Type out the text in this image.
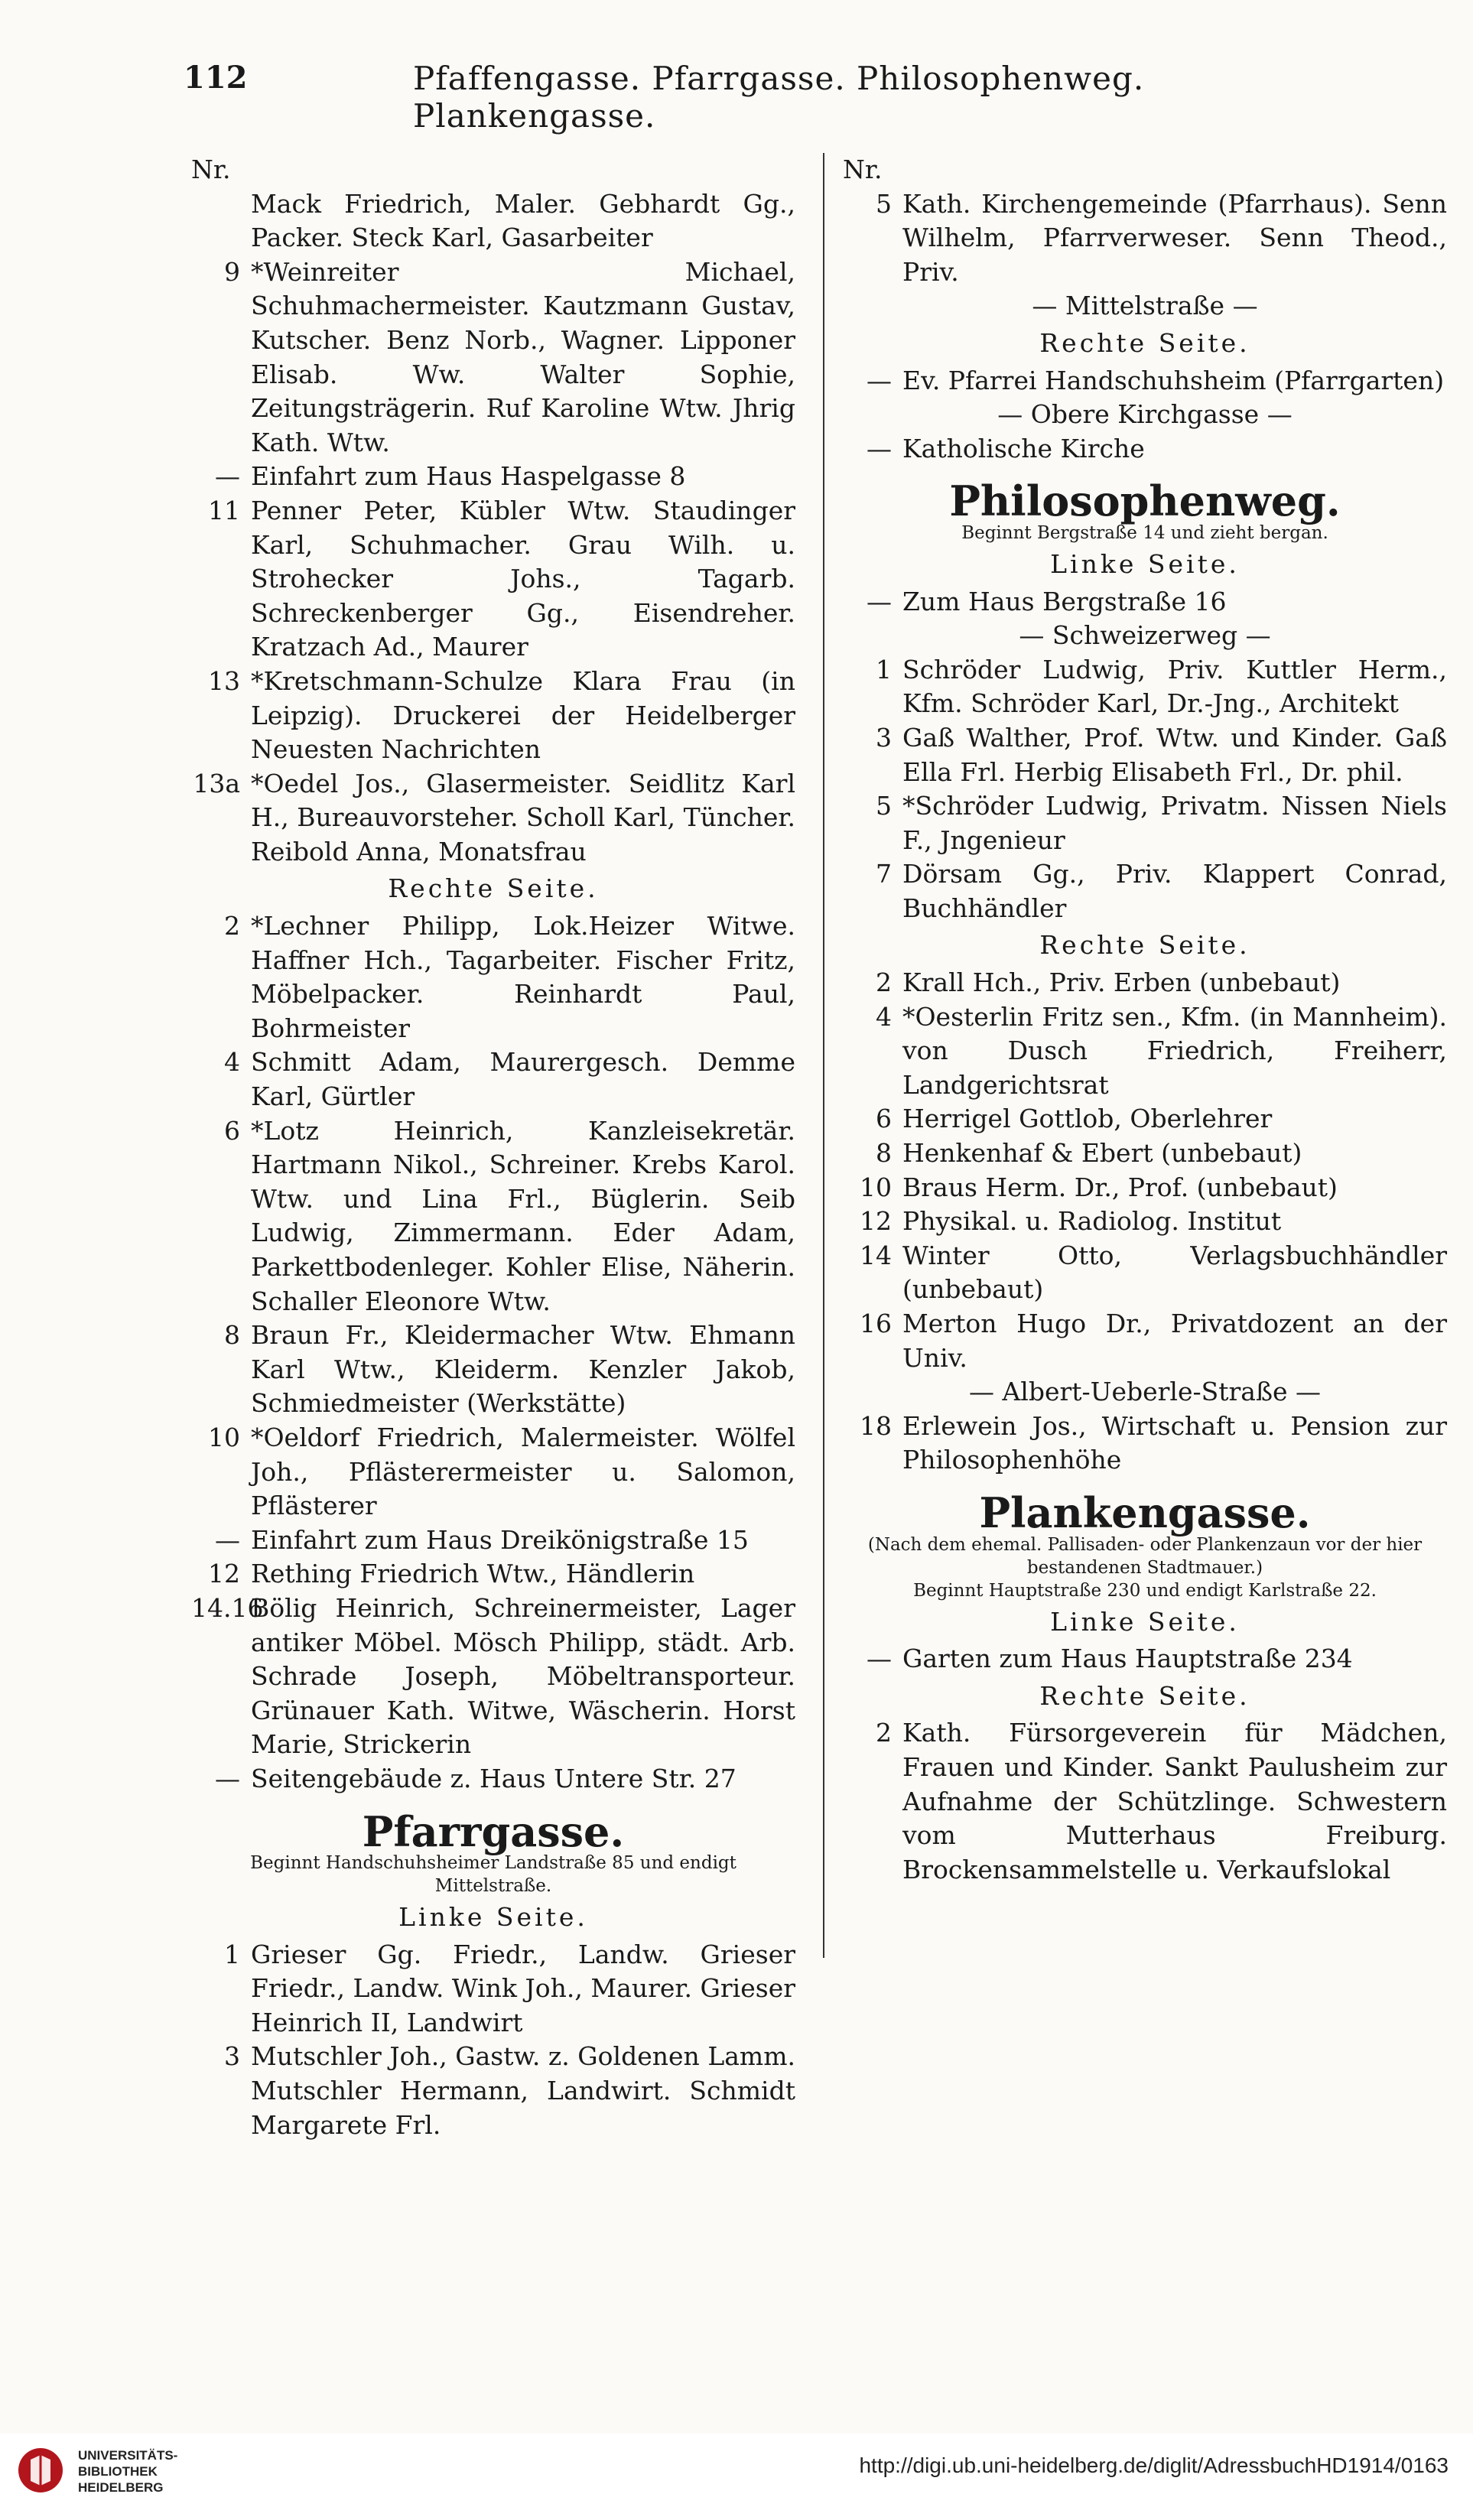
112	Pfaffengasse. Pfarrgasse. Philosophenweg. Plankengasse.

Nr.

Mack Friedrich, Maler. Gebhardt Gg., Packer. Steck Karl, Gasarbeiter
9 *Weinreiter Michael, Schuhmachermeister. Kautzmann Gustav, Kutscher. Benz Norb., Wagner. Lipponer Elisab. Ww. Walter Sophie, Zeitungsträgerin. Ruf Karoline Wtw. Jhrig Kath. Wtw.
— Einfahrt zum Haus Haspelgasse 8
11 Penner Peter, Kübler Wtw. Staudinger Karl, Schuhmacher. Grau Wilh. u. Strohecker Johs., Tagarb. Schreckenberger Gg., Eisendreher. Kratzach Ad., Maurer
13 *Kretschmann-Schulze Klara Frau (in Leipzig). Druckerei der Heidelberger Neuesten Nachrichten
13a *Oedel Jos., Glasermeister. Seidlitz Karl H., Bureauvorsteher. Scholl Karl, Tüncher. Reibold Anna, Monatsfrau

Rechte Seite.

2 *Lechner Philipp, Lok.Heizer Witwe. Haffner Hch., Tagarbeiter. Fischer Fritz, Möbelpacker. Reinhardt Paul, Bohrmeister
4 Schmitt Adam, Maurergesch. Demme Karl, Gürtler
6 *Lotz Heinrich, Kanzleisekretär. Hartmann Nikol., Schreiner. Krebs Karol. Wtw. und Lina Frl., Büglerin. Seib Ludwig, Zimmermann. Eder Adam, Parkettbodenleger. Kohler Elise, Näherin. Schaller Eleonore Wtw.
8 Braun Fr., Kleidermacher Wtw. Ehmann Karl Wtw., Kleiderm. Kenzler Jakob, Schmiedmeister (Werkstätte)
10 *Oeldorf Friedrich, Malermeister. Wölfel Joh., Pflästerermeister u. Salomon, Pflästerer
— Einfahrt zum Haus Dreikönigstraße 15
12 Rething Friedrich Wtw., Händlerin
14.16
Bölig Heinrich, Schreinermeister, Lager antiker Möbel. Mösch Philipp, städt. Arb. Schrade Joseph, Möbeltransporteur. Grünauer Kath. Witwe, Wäscherin. Horst Marie, Strickerin
— Seitengebäude z. Haus Untere Str. 27
Pfarrgasse.

Beginnt Handschuhsheimer Landstraße 85 und endigt Mittelstraße.

Linke Seite.

1 Grieser Gg. Friedr., Landw. Grieser Friedr., Landw. Wink Joh., Maurer. Grieser Heinrich II, Landwirt
3 Mutschler Joh., Gastw. z. Goldenen Lamm. Mutschler Hermann, Landwirt. Schmidt Margarete Frl.

Nr.

5 Kath. Kirchengemeinde (Pfarrhaus). Senn Wilhelm, Pfarrverweser. Senn Theod., Priv.

— Mittelstraße —

Rechte Seite.

— Ev. Pfarrei Handschuhsheim (Pfarrgarten)

— Obere Kirchgasse —

— Katholische Kirche
Philosophenweg.

Beginnt Bergstraße 14 und zieht bergan.

Linke Seite.

— Zum Haus Bergstraße 16

— Schweizerweg —

1 Schröder Ludwig, Priv. Kuttler Herm., Kfm. Schröder Karl, Dr.-Jng., Architekt
3 Gaß Walther, Prof. Wtw. und Kinder. Gaß Ella Frl. Herbig Elisabeth Frl., Dr. phil.
5 *Schröder Ludwig, Privatm. Nissen Niels F., Jngenieur
7 Dörsam Gg., Priv. Klappert Conrad, Buchhändler

Rechte Seite.

2 Krall Hch., Priv. Erben (unbebaut)
4 *Oesterlin Fritz sen., Kfm. (in Mannheim). von Dusch Friedrich, Freiherr, Landgerichtsrat
6 Herrigel Gottlob, Oberlehrer
8 Henkenhaf & Ebert (unbebaut)
10 Braus Herm. Dr., Prof. (unbebaut)
12 Physikal. u. Radiolog. Institut
14 Winter Otto, Verlagsbuchhändler (unbebaut)
16 Merton Hugo Dr., Privatdozent an der Univ.

— Albert-Ueberle-Straße —

18 Erlewein Jos., Wirtschaft u. Pension zur Philosophenhöhe
Plankengasse.

(Nach dem ehemal. Pallisaden- oder Plankenzaun vor der hier bestandenen Stadtmauer.)

Beginnt Hauptstraße 230 und endigt Karlstraße 22.

Linke Seite.

— Garten zum Haus Hauptstraße 234

Rechte Seite.

2 Kath. Fürsorgeverein für Mädchen, Frauen und Kinder. Sankt Paulusheim zur Aufnahme der Schützlinge. Schwestern vom Mutterhaus Freiburg. Brockensammelstelle u. Verkaufslokal
UNIVERSITÄTS-
BIBLIOTHEK
HEIDELBERG
http://digi.ub.uni-heidelberg.de/diglit/AdressbuchHD1914/0163
